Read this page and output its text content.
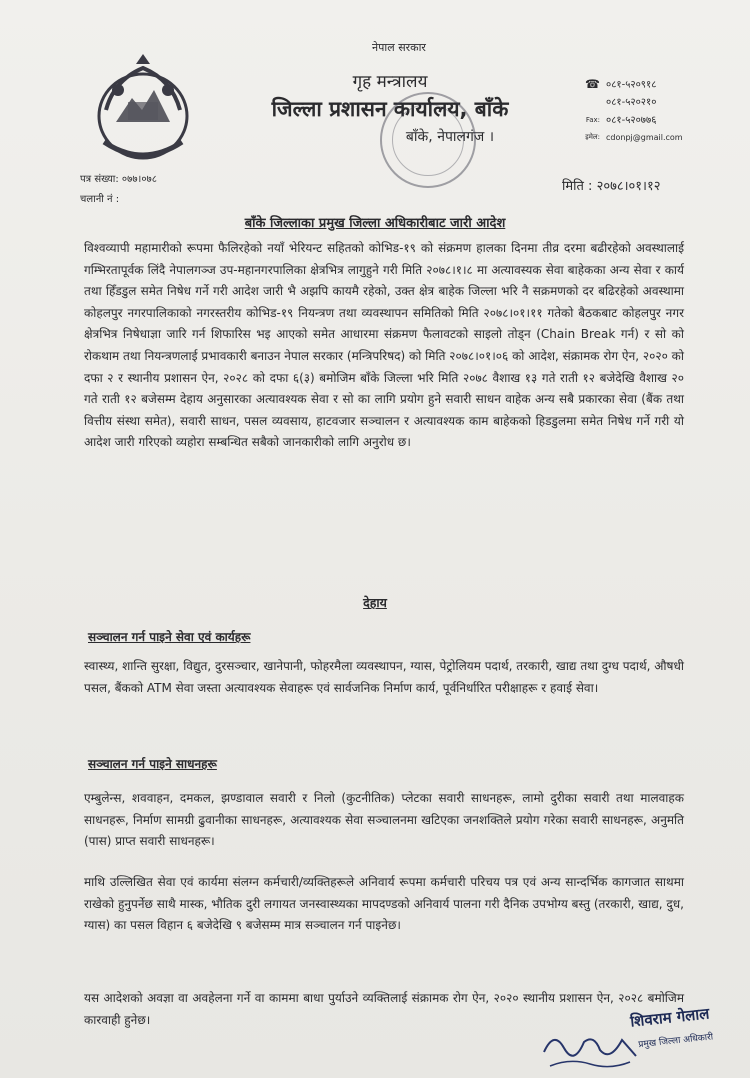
नेपाल सरकार
गृह मन्त्रालय
जिल्ला प्रशासन कार्यालय, बाँके
बाँके, नेपालगंज ।
☎ ०८१-५२०९१८
०८१-५२०२१०
Fax: ०८१-५२०७७६
इमेल: cdonpj@gmail.com
पत्र संख्या: ०७७।०७८
चलानी नं :
मिति : २०७८।०१।१२
बाँके जिल्लाका प्रमुख जिल्ला अधिकारीबाट जारी आदेश

विश्वव्यापी महामारीको रूपमा फैलिरहेको नयाँ भेरियन्ट सहितको कोभिड-१९ को संक्रमण हालका दिनमा तीव्र दरमा बढीरहेको अवस्थालाई गम्भिरतापूर्वक लिंदै नेपालगञ्ज उप-महानगरपालिका क्षेत्रभित्र लागुहुने गरी मिति २०७८।१।८ मा अत्यावस्यक सेवा बाहेकका अन्य सेवा र कार्य तथा हिँडडुल समेत निषेध गर्ने गरी आदेश जारी भै अझपि कायमै रहेको, उक्त क्षेत्र बाहेक जिल्ला भरि नै सक्रमणको दर बढिरहेको अवस्थामा कोहलपुर नगरपालिकाको नगरस्तरीय कोभिड-१९ नियन्त्रण तथा व्यवस्थापन समितिको मिति २०७८।०१।११ गतेको बैठकबाट कोहलपुर नगर क्षेत्रभित्र निषेधाज्ञा जारि गर्न शिफारिस भइ आएको समेत आधारमा संक्रमण फैलावटको साइलो तोड्न (Chain Break गर्न) र सो को रोकथाम तथा नियन्त्रणलाई प्रभावकारी बनाउन नेपाल सरकार (मन्त्रिपरिषद) को मिति २०७८।०१।०६ को आदेश, संक्रामक रोग ऐन, २०२० को दफा २ र स्थानीय प्रशासन ऐन, २०२८ को दफा ६(३) बमोजिम बाँके जिल्ला भरि मिति २०७८ वैशाख १३ गते राती १२ बजेदेखि वैशाख २० गते राती १२ बजेसम्म देहाय अनुसारका अत्यावश्यक सेवा र सो का लागि प्रयोग हुने सवारी साधन वाहेक अन्य सबै प्रकारका सेवा (बैंक तथा वित्तीय संस्था समेत), सवारी साधन, पसल व्यवसाय, हाटवजार सञ्चालन र अत्यावश्यक काम बाहेकको हिडडुलमा समेत निषेध गर्ने गरी यो आदेश जारी गरिएको व्यहोरा सम्बन्धित सबैको जानकारीको लागि अनुरोध छ।

देहाय
सञ्चालन गर्न पाइने सेवा एवं कार्यहरू

स्वास्थ्य, शान्ति सुरक्षा, विद्युत, दुरसञ्चार, खानेपानी, फोहरमैला व्यवस्थापन, ग्यास, पेट्रोलियम पदार्थ, तरकारी, खाद्य तथा दुग्ध पदार्थ, औषधी पसल, बैंकको ATM सेवा जस्ता अत्यावश्यक सेवाहरू एवं सार्वजनिक निर्माण कार्य, पूर्वनिर्धारित परीक्षाहरू र हवाई सेवा।

सञ्चालन गर्न पाइने साधनहरू

एम्बुलेन्स, शववाहन, दमकल, झण्डावाल सवारी र निलो (कुटनीतिक) प्लेटका सवारी साधनहरू, लामो दुरीका सवारी तथा मालवाहक साधनहरू, निर्माण सामग्री ढुवानीका साधनहरू, अत्यावश्यक सेवा सञ्चालनमा खटिएका जनशक्तिले प्रयोग गरेका सवारी साधनहरू, अनुमति (पास) प्राप्त सवारी साधनहरू।

माथि उल्लिखित सेवा एवं कार्यमा संलग्न कर्मचारी/व्यक्तिहरूले अनिवार्य रूपमा कर्मचारी परिचय पत्र एवं अन्य सान्दर्भिक कागजात साथमा राखेको हुनुपर्नेछ साथै मास्क, भौतिक दुरी लगायत जनस्वास्थ्यका मापदण्डको अनिवार्य पालना गरी दैनिक उपभोग्य बस्तु (तरकारी, खाद्य, दुध, ग्यास) का पसल विहान ६ बजेदेखि ९ बजेसम्म मात्र सञ्चालन गर्न पाइनेछ।

यस आदेशको अवज्ञा वा अवहेलना गर्ने वा काममा बाधा पुर्याउने व्यक्तिलाई संक्रामक रोग ऐन, २०२० स्थानीय प्रशासन ऐन, २०२८ बमोजिम कारवाही हुनेछ।	शिवराम गेलाल
प्रमुख जिल्ला अधिकारी
